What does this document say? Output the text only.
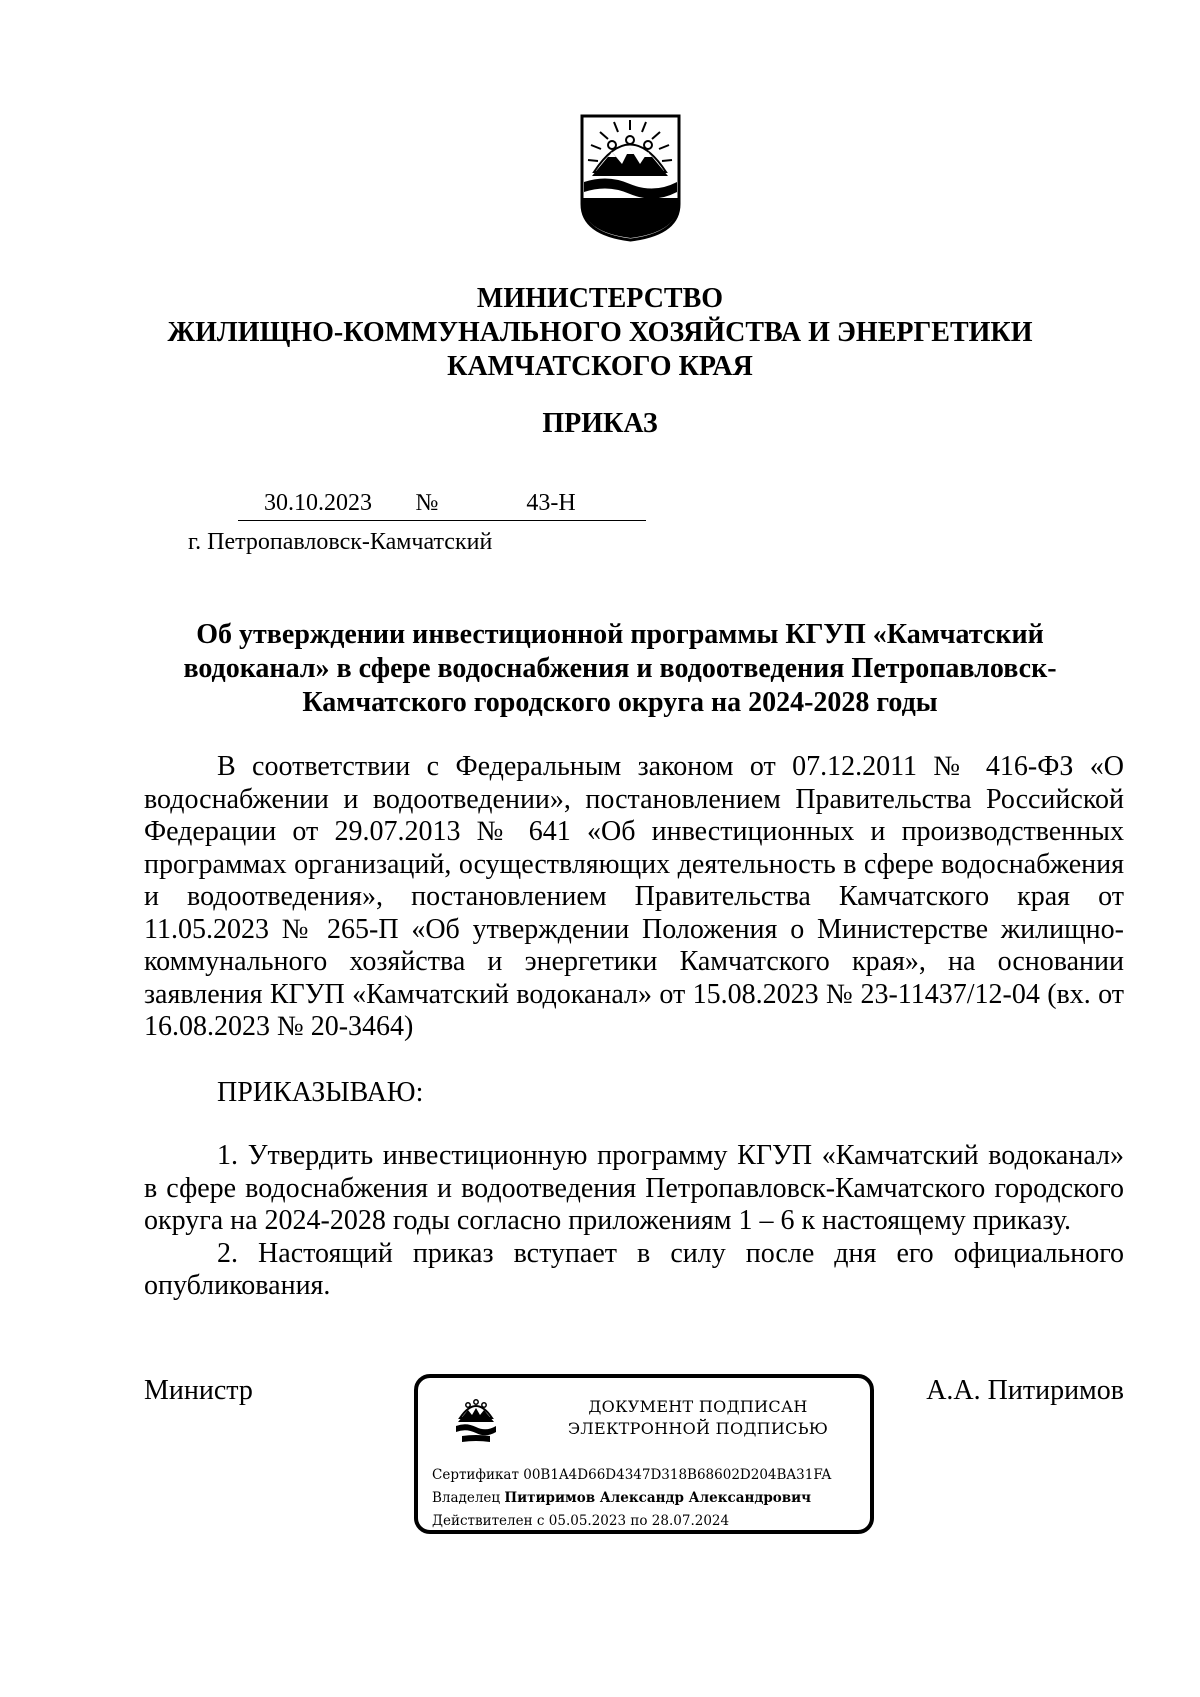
МИНИСТЕРСТВО
ЖИЛИЩНО-КОММУНАЛЬНОГО ХОЗЯЙСТВА И ЭНЕРГЕТИКИ
КАМЧАТСКОГО КРАЯ
ПРИКАЗ
30.10.2023	№	43-Н
г. Петропавловск-Камчатский
Об утверждении инвестиционной программы КГУП «Камчатский
водоканал» в сфере водоснабжения и водоотведения Петропавловск-
Камчатского городского округа на 2024-2028 годы

В соответствии с Федеральным законом от 07.12.2011 № 416-ФЗ «О водоснабжении и водоотведении», постановлением Правительства Российской Федерации от 29.07.2013 № 641 «Об инвестиционных и производственных программах организаций, осуществляющих деятельность в сфере водоснабжения и водоотведения», постановлением Правительства Камчатского края от 11.05.2023 № 265-П «Об утверждении Положения о Министерстве жилищно-коммунального хозяйства и энергетики Камчатского края», на основании заявления КГУП «Камчатский водоканал» от 15.08.2023 № 23-11437/12-04 (вх. от 16.08.2023 № 20-3464)

ПРИКАЗЫВАЮ:

1. Утвердить инвестиционную программу КГУП «Камчатский водоканал» в сфере водоснабжения и водоотведения Петропавловск-Камчатского городского округа на 2024-2028 годы согласно приложениям 1 – 6 к настоящему приказу.

2. Настоящий приказ вступает в силу после дня его официального опубликования.

Министр	А.А. Питиримов
ДОКУМЕНТ ПОДПИСАН
ЭЛЕКТРОННОЙ ПОДПИСЬЮ
Сертификат 00B1A4D66D4347D318B68602D204BA31FA
Владелец Питиримов Александр Александрович
Действителен с 05.05.2023 по 28.07.2024
